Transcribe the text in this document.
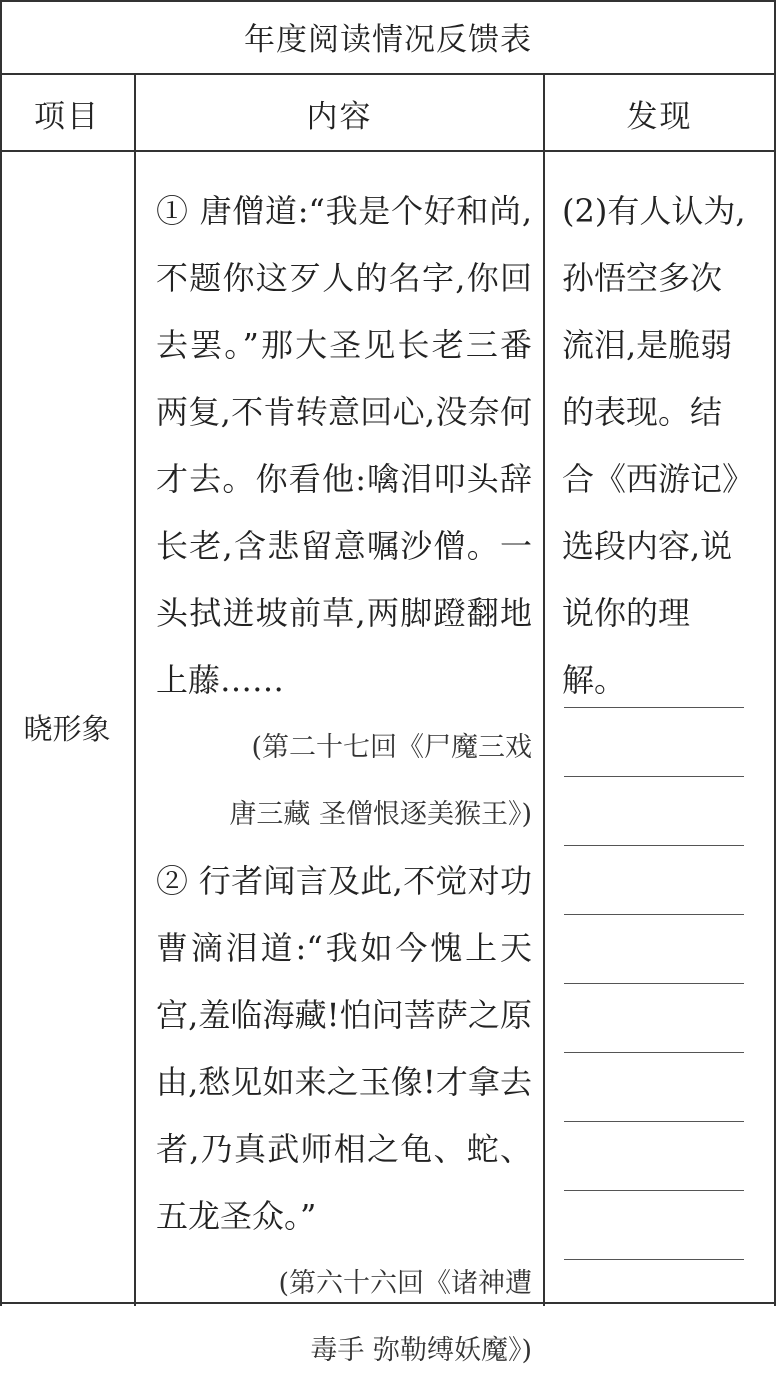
年度阅读情况反馈表
项目	内容	发现
晓形象

① 唐僧道:“我是个好和尚,不题你这歹人的名字,你回去罢。”那大圣见长老三番两复,不肯转意回心,没奈何才去。你看他:噙泪叩头辞长老,含悲留意嘱沙僧。一头拭迸坡前草,两脚蹬翻地上藤……

(第二十七回《尸魔三戏

唐三藏 圣僧恨逐美猴王》)

② 行者闻言及此,不觉对功曹滴泪道:“我如今愧上天宫,羞临海藏!怕问菩萨之原由,愁见如来之玉像!才拿去者,乃真武师相之龟、蛇、五龙圣众。”

(第六十六回《诸神遭

毒手 弥勒缚妖魔》)

(2)有人认为,孙悟空多次流泪,是脆弱的表现。结合《西游记》选段内容,说说你的理解。
